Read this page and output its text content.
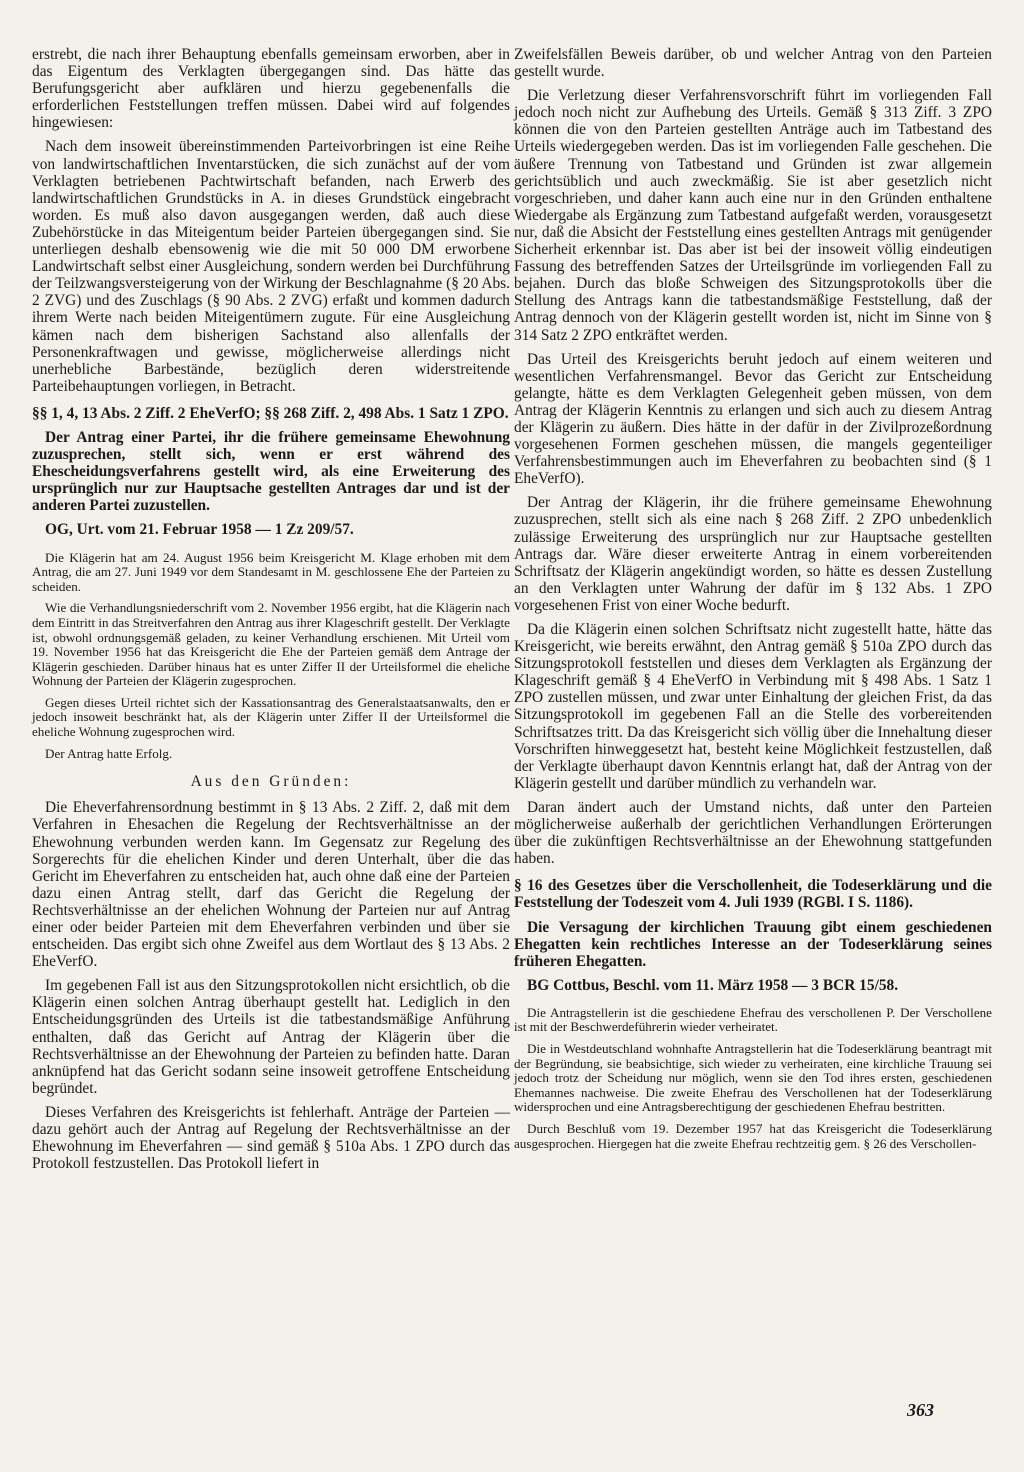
erstrebt, die nach ihrer Behauptung ebenfalls gemeinsam erworben, aber in das Eigentum des Verklagten übergegangen sind. Das hätte das Berufungsgericht aber aufklären und hierzu gegebenenfalls die erforderlichen Feststellungen treffen müssen. Dabei wird auf folgendes hingewiesen:

Nach dem insoweit übereinstimmenden Parteivorbringen ist eine Reihe von landwirtschaftlichen Inventarstücken, die sich zunächst auf der vom Verklagten betriebenen Pachtwirtschaft befanden, nach Erwerb des landwirtschaftlichen Grundstücks in A. in dieses Grundstück eingebracht worden. Es muß also davon ausgegangen werden, daß auch diese Zubehörstücke in das Miteigentum beider Parteien übergegangen sind. Sie unterliegen deshalb ebensowenig wie die mit 50 000 DM erworbene Landwirtschaft selbst einer Ausgleichung, sondern werden bei Durchführung der Teilzwangsversteigerung von der Wirkung der Beschlagnahme (§ 20 Abs. 2 ZVG) und des Zuschlags (§ 90 Abs. 2 ZVG) erfaßt und kommen dadurch ihrem Werte nach beiden Miteigentümern zugute. Für eine Ausgleichung kämen nach dem bisherigen Sachstand also allenfalls der Personenkraftwagen und gewisse, möglicherweise allerdings nicht unerhebliche Barbestände, bezüglich deren widerstreitende Parteibehauptungen vorliegen, in Betracht.

§§ 1, 4, 13 Abs. 2 Ziff. 2 EheVerfO; §§ 268 Ziff. 2, 498 Abs. 1 Satz 1 ZPO.

Der Antrag einer Partei, ihr die frühere gemeinsame Ehewohnung zuzusprechen, stellt sich, wenn er erst während des Ehescheidungsverfahrens gestellt wird, als eine Erweiterung des ursprünglich nur zur Hauptsache gestellten Antrages dar und ist der anderen Partei zuzustellen.

OG, Urt. vom 21. Februar 1958 — 1 Zz 209/57.

Die Klägerin hat am 24. August 1956 beim Kreisgericht M. Klage erhoben mit dem Antrag, die am 27. Juni 1949 vor dem Standesamt in M. geschlossene Ehe der Parteien zu scheiden.

Wie die Verhandlungsniederschrift vom 2. November 1956 ergibt, hat die Klägerin nach dem Eintritt in das Streitverfahren den Antrag aus ihrer Klageschrift gestellt. Der Verklagte ist, obwohl ordnungsgemäß geladen, zu keiner Verhandlung erschienen. Mit Urteil vom 19. November 1956 hat das Kreisgericht die Ehe der Parteien gemäß dem Antrage der Klägerin geschieden. Darüber hinaus hat es unter Ziffer II der Urteilsformel die eheliche Wohnung der Parteien der Klägerin zugesprochen.

Gegen dieses Urteil richtet sich der Kassationsantrag des Generalstaatsanwalts, den er jedoch insoweit beschränkt hat, als der Klägerin unter Ziffer II der Urteilsformel die eheliche Wohnung zugesprochen wird.

Der Antrag hatte Erfolg.

Aus den Gründen:

Die Eheverfahrensordnung bestimmt in § 13 Abs. 2 Ziff. 2, daß mit dem Verfahren in Ehesachen die Regelung der Rechtsverhältnisse an der Ehewohnung verbunden werden kann. Im Gegensatz zur Regelung des Sorgerechts für die ehelichen Kinder und deren Unterhalt, über die das Gericht im Eheverfahren zu entscheiden hat, auch ohne daß eine der Parteien dazu einen Antrag stellt, darf das Gericht die Regelung der Rechtsverhältnisse an der ehelichen Wohnung der Parteien nur auf Antrag einer oder beider Parteien mit dem Eheverfahren verbinden und über sie entscheiden. Das ergibt sich ohne Zweifel aus dem Wortlaut des § 13 Abs. 2 EheVerfO.

Im gegebenen Fall ist aus den Sitzungsprotokollen nicht ersichtlich, ob die Klägerin einen solchen Antrag überhaupt gestellt hat. Lediglich in den Entscheidungsgründen des Urteils ist die tatbestandsmäßige Anführung enthalten, daß das Gericht auf Antrag der Klägerin über die Rechtsverhältnisse an der Ehewohnung der Parteien zu befinden hatte. Daran anknüpfend hat das Gericht sodann seine insoweit getroffene Entscheidung begründet.

Dieses Verfahren des Kreisgerichts ist fehlerhaft. Anträge der Parteien — dazu gehört auch der Antrag auf Regelung der Rechtsverhältnisse an der Ehewohnung im Eheverfahren — sind gemäß § 510a Abs. 1 ZPO durch das Protokoll festzustellen. Das Protokoll liefert in

Zweifelsfällen Beweis darüber, ob und welcher Antrag von den Parteien gestellt wurde.

Die Verletzung dieser Verfahrensvorschrift führt im vorliegenden Fall jedoch noch nicht zur Aufhebung des Urteils. Gemäß § 313 Ziff. 3 ZPO können die von den Parteien gestellten Anträge auch im Tatbestand des Urteils wiedergegeben werden. Das ist im vorliegenden Falle geschehen. Die äußere Trennung von Tatbestand und Gründen ist zwar allgemein gerichtsüblich und auch zweckmäßig. Sie ist aber gesetzlich nicht vorgeschrieben, und daher kann auch eine nur in den Gründen enthaltene Wiedergabe als Ergänzung zum Tatbestand aufgefaßt werden, vorausgesetzt nur, daß die Absicht der Feststellung eines gestellten Antrags mit genügender Sicherheit erkennbar ist. Das aber ist bei der insoweit völlig eindeutigen Fassung des betreffenden Satzes der Urteilsgründe im vorliegenden Fall zu bejahen. Durch das bloße Schweigen des Sitzungsprotokolls über die Stellung des Antrags kann die tatbestandsmäßige Feststellung, daß der Antrag dennoch von der Klägerin gestellt worden ist, nicht im Sinne von § 314 Satz 2 ZPO entkräftet werden.

Das Urteil des Kreisgerichts beruht jedoch auf einem weiteren und wesentlichen Verfahrensmangel. Bevor das Gericht zur Entscheidung gelangte, hätte es dem Verklagten Gelegenheit geben müssen, von dem Antrag der Klägerin Kenntnis zu erlangen und sich auch zu diesem Antrag der Klägerin zu äußern. Dies hätte in der dafür in der Zivilprozeßordnung vorgesehenen Formen geschehen müssen, die mangels gegenteiliger Verfahrensbestimmungen auch im Eheverfahren zu beobachten sind (§ 1 EheVerfO).

Der Antrag der Klägerin, ihr die frühere gemeinsame Ehewohnung zuzusprechen, stellt sich als eine nach § 268 Ziff. 2 ZPO unbedenklich zulässige Erweiterung des ursprünglich nur zur Hauptsache gestellten Antrags dar. Wäre dieser erweiterte Antrag in einem vorbereitenden Schriftsatz der Klägerin angekündigt worden, so hätte es dessen Zustellung an den Verklagten unter Wahrung der dafür im § 132 Abs. 1 ZPO vorgesehenen Frist von einer Woche bedurft.

Da die Klägerin einen solchen Schriftsatz nicht zugestellt hatte, hätte das Kreisgericht, wie bereits erwähnt, den Antrag gemäß § 510a ZPO durch das Sitzungsprotokoll feststellen und dieses dem Verklagten als Ergänzung der Klageschrift gemäß § 4 EheVerfO in Verbindung mit § 498 Abs. 1 Satz 1 ZPO zustellen müssen, und zwar unter Einhaltung der gleichen Frist, da das Sitzungsprotokoll im gegebenen Fall an die Stelle des vorbereitenden Schriftsatzes tritt. Da das Kreisgericht sich völlig über die Innehaltung dieser Vorschriften hinweggesetzt hat, besteht keine Möglichkeit festzustellen, daß der Verklagte überhaupt davon Kenntnis erlangt hat, daß der Antrag von der Klägerin gestellt und darüber mündlich zu verhandeln war.

Daran ändert auch der Umstand nichts, daß unter den Parteien möglicherweise außerhalb der gerichtlichen Verhandlungen Erörterungen über die zukünftigen Rechtsverhältnisse an der Ehewohnung stattgefunden haben.

§ 16 des Gesetzes über die Verschollenheit, die Todeserklärung und die Feststellung der Todeszeit vom 4. Juli 1939 (RGBl. I S. 1186).

Die Versagung der kirchlichen Trauung gibt einem geschiedenen Ehegatten kein rechtliches Interesse an der Todeserklärung seines früheren Ehegatten.

BG Cottbus, Beschl. vom 11. März 1958 — 3 BCR 15/58.

Die Antragstellerin ist die geschiedene Ehefrau des verschollenen P. Der Verschollene ist mit der Beschwerdeführerin wieder verheiratet.

Die in Westdeutschland wohnhafte Antragstellerin hat die Todeserklärung beantragt mit der Begründung, sie beabsichtige, sich wieder zu verheiraten, eine kirchliche Trauung sei jedoch trotz der Scheidung nur möglich, wenn sie den Tod ihres ersten, geschiedenen Ehemannes nachweise. Die zweite Ehefrau des Verschollenen hat der Todeserklärung widersprochen und eine Antragsberechtigung der geschiedenen Ehefrau bestritten.

Durch Beschluß vom 19. Dezember 1957 hat das Kreisgericht die Todeserklärung ausgesprochen. Hiergegen hat die zweite Ehefrau rechtzeitig gem. § 26 des Verschollen-

363
